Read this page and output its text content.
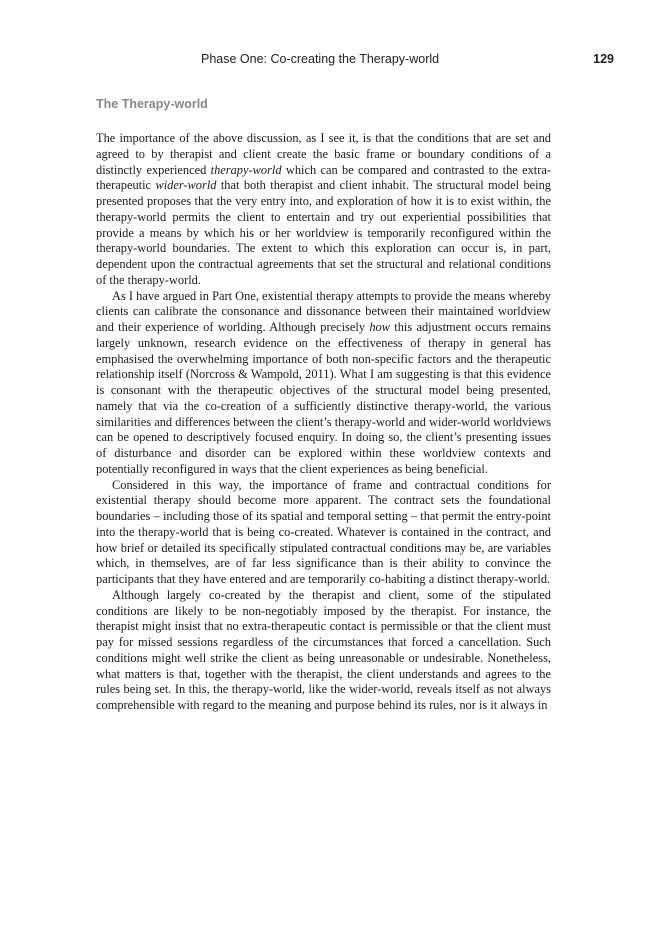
Phase One: Co-creating the Therapy-world	129
The Therapy-world

The importance of the above discussion, as I see it, is that the conditions that are set and agreed to by therapist and client create the basic frame or boundary conditions of a distinctly experienced therapy-world which can be compared and contrasted to the extra-therapeutic wider-world that both therapist and client inhabit. The structural model being presented proposes that the very entry into, and exploration of how it is to exist within, the therapy-world permits the client to entertain and try out experiential possibilities that provide a means by which his or her worldview is temporarily reconfigured within the therapy-world boundaries. The extent to which this exploration can occur is, in part, dependent upon the contractual agreements that set the structural and relational conditions of the therapy-world.

As I have argued in Part One, existential therapy attempts to provide the means whereby clients can calibrate the consonance and dissonance between their maintained worldview and their experience of worlding. Although precisely how this adjustment occurs remains largely unknown, research evidence on the effectiveness of therapy in general has emphasised the overwhelming importance of both non-specific factors and the therapeutic relationship itself (Norcross & Wampold, 2011). What I am suggesting is that this evidence is consonant with the therapeutic objectives of the structural model being presented, namely that via the co-creation of a sufficiently distinctive therapy-world, the various similarities and differences between the client’s therapy-world and wider-world worldviews can be opened to descriptively focused enquiry. In doing so, the client’s presenting issues of disturbance and disorder can be explored within these worldview contexts and potentially reconfigured in ways that the client experiences as being beneficial.

Considered in this way, the importance of frame and contractual conditions for existential therapy should become more apparent. The contract sets the foundational boundaries – including those of its spatial and temporal setting – that permit the entry-point into the therapy-world that is being co-created. Whatever is contained in the contract, and how brief or detailed its specifically stipulated contractual conditions may be, are variables which, in themselves, are of far less significance than is their ability to convince the participants that they have entered and are temporarily co-habiting a distinct therapy-world.

Although largely co-created by the therapist and client, some of the stipulated conditions are likely to be non-negotiably imposed by the therapist. For instance, the therapist might insist that no extra-therapeutic contact is permissible or that the client must pay for missed sessions regardless of the circumstances that forced a cancellation. Such conditions might well strike the client as being unreasonable or undesirable. Nonetheless, what matters is that, together with the therapist, the client understands and agrees to the rules being set. In this, the therapy-world, like the wider-world, reveals itself as not always comprehensible with regard to the meaning and purpose behind its rules, nor is it always in
